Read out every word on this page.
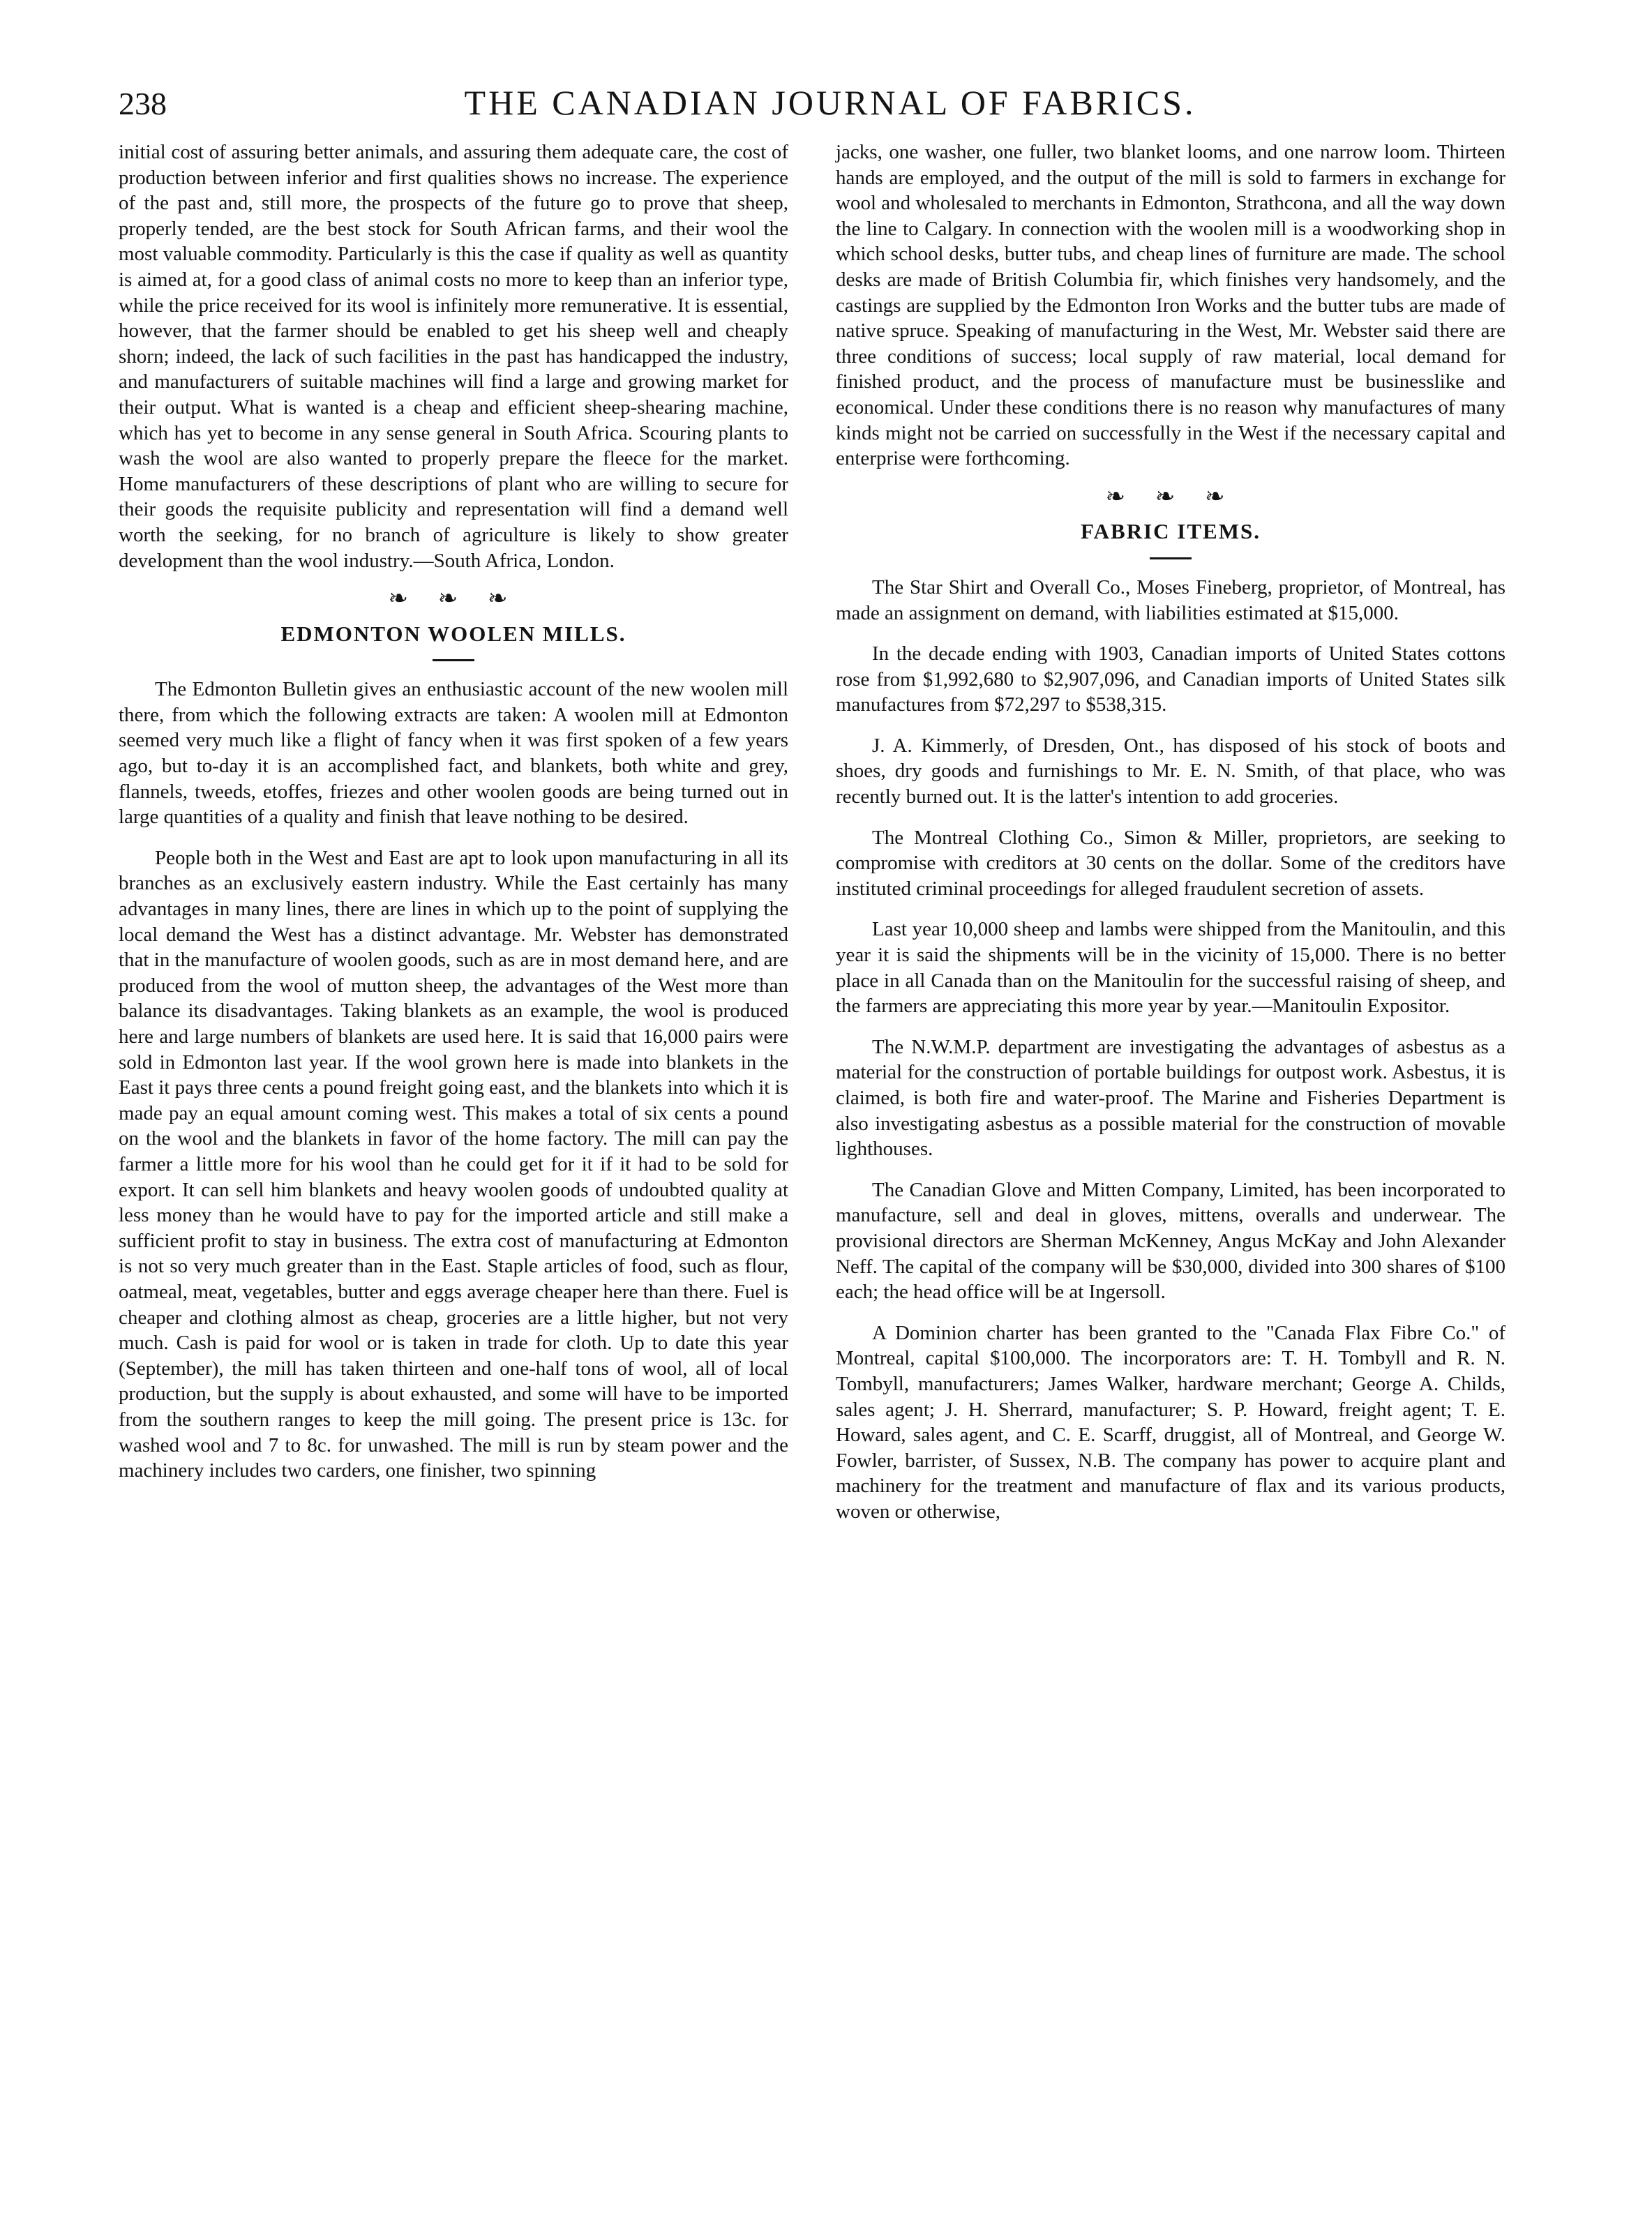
238	THE CANADIAN JOURNAL OF FABRICS.

initial cost of assuring better animals, and assuring them adequate care, the cost of production between inferior and first qualities shows no increase. The experience of the past and, still more, the prospects of the future go to prove that sheep, properly tended, are the best stock for South African farms, and their wool the most valuable commodity. Particularly is this the case if quality as well as quantity is aimed at, for a good class of animal costs no more to keep than an inferior type, while the price received for its wool is infinitely more remunerative. It is essential, however, that the farmer should be enabled to get his sheep well and cheaply shorn; indeed, the lack of such facilities in the past has handicapped the industry, and manufacturers of suitable machines will find a large and growing market for their output. What is wanted is a cheap and efficient sheep-shearing machine, which has yet to become in any sense general in South Africa. Scouring plants to wash the wool are also wanted to properly prepare the fleece for the market. Home manufacturers of these descriptions of plant who are willing to secure for their goods the requisite publicity and representation will find a demand well worth the seeking, for no branch of agriculture is likely to show greater development than the wool industry.—South Africa, London.

❧ ❧ ❧
EDMONTON WOOLEN MILLS.

The Edmonton Bulletin gives an enthusiastic account of the new woolen mill there, from which the following extracts are taken: A woolen mill at Edmonton seemed very much like a flight of fancy when it was first spoken of a few years ago, but to-day it is an accomplished fact, and blankets, both white and grey, flannels, tweeds, etoffes, friezes and other woolen goods are being turned out in large quantities of a quality and finish that leave nothing to be desired.

People both in the West and East are apt to look upon manufacturing in all its branches as an exclusively eastern industry. While the East certainly has many advantages in many lines, there are lines in which up to the point of supplying the local demand the West has a distinct advantage. Mr. Webster has demonstrated that in the manufacture of woolen goods, such as are in most demand here, and are produced from the wool of mutton sheep, the advantages of the West more than balance its disadvantages. Taking blankets as an example, the wool is produced here and large numbers of blankets are used here. It is said that 16,000 pairs were sold in Edmonton last year. If the wool grown here is made into blankets in the East it pays three cents a pound freight going east, and the blankets into which it is made pay an equal amount coming west. This makes a total of six cents a pound on the wool and the blankets in favor of the home factory. The mill can pay the farmer a little more for his wool than he could get for it if it had to be sold for export. It can sell him blankets and heavy woolen goods of undoubted quality at less money than he would have to pay for the imported article and still make a sufficient profit to stay in business. The extra cost of manufacturing at Edmonton is not so very much greater than in the East. Staple articles of food, such as flour, oatmeal, meat, vegetables, butter and eggs average cheaper here than there. Fuel is cheaper and clothing almost as cheap, groceries are a little higher, but not very much. Cash is paid for wool or is taken in trade for cloth. Up to date this year (September), the mill has taken thirteen and one-half tons of wool, all of local production, but the supply is about exhausted, and some will have to be imported from the southern ranges to keep the mill going. The present price is 13c. for washed wool and 7 to 8c. for unwashed. The mill is run by steam power and the machinery includes two carders, one finisher, two spinning

jacks, one washer, one fuller, two blanket looms, and one narrow loom. Thirteen hands are employed, and the output of the mill is sold to farmers in exchange for wool and wholesaled to merchants in Edmonton, Strathcona, and all the way down the line to Calgary. In connection with the woolen mill is a woodworking shop in which school desks, butter tubs, and cheap lines of furniture are made. The school desks are made of British Columbia fir, which finishes very handsomely, and the castings are supplied by the Edmonton Iron Works and the butter tubs are made of native spruce. Speaking of manufacturing in the West, Mr. Webster said there are three conditions of success; local supply of raw material, local demand for finished product, and the process of manufacture must be businesslike and economical. Under these conditions there is no reason why manufactures of many kinds might not be carried on successfully in the West if the necessary capital and enterprise were forthcoming.

❧ ❧ ❧
FABRIC ITEMS.

The Star Shirt and Overall Co., Moses Fineberg, proprietor, of Montreal, has made an assignment on demand, with liabilities estimated at $15,000.

In the decade ending with 1903, Canadian imports of United States cottons rose from $1,992,680 to $2,907,096, and Canadian imports of United States silk manufactures from $72,297 to $538,315.

J. A. Kimmerly, of Dresden, Ont., has disposed of his stock of boots and shoes, dry goods and furnishings to Mr. E. N. Smith, of that place, who was recently burned out. It is the latter's intention to add groceries.

The Montreal Clothing Co., Simon & Miller, proprietors, are seeking to compromise with creditors at 30 cents on the dollar. Some of the creditors have instituted criminal proceedings for alleged fraudulent secretion of assets.

Last year 10,000 sheep and lambs were shipped from the Manitoulin, and this year it is said the shipments will be in the vicinity of 15,000. There is no better place in all Canada than on the Manitoulin for the successful raising of sheep, and the farmers are appreciating this more year by year.—Manitoulin Expositor.

The N.W.M.P. department are investigating the advantages of asbestus as a material for the construction of portable buildings for outpost work. Asbestus, it is claimed, is both fire and water-proof. The Marine and Fisheries Department is also investigating asbestus as a possible material for the construction of movable lighthouses.

The Canadian Glove and Mitten Company, Limited, has been incorporated to manufacture, sell and deal in gloves, mittens, overalls and underwear. The provisional directors are Sherman McKenney, Angus McKay and John Alexander Neff. The capital of the company will be $30,000, divided into 300 shares of $100 each; the head office will be at Ingersoll.

A Dominion charter has been granted to the "Canada Flax Fibre Co." of Montreal, capital $100,000. The incorporators are: T. H. Tombyll and R. N. Tombyll, manufacturers; James Walker, hardware merchant; George A. Childs, sales agent; J. H. Sherrard, manufacturer; S. P. Howard, freight agent; T. E. Howard, sales agent, and C. E. Scarff, druggist, all of Montreal, and George W. Fowler, barrister, of Sussex, N.B. The company has power to acquire plant and machinery for the treatment and manufacture of flax and its various products, woven or otherwise,
